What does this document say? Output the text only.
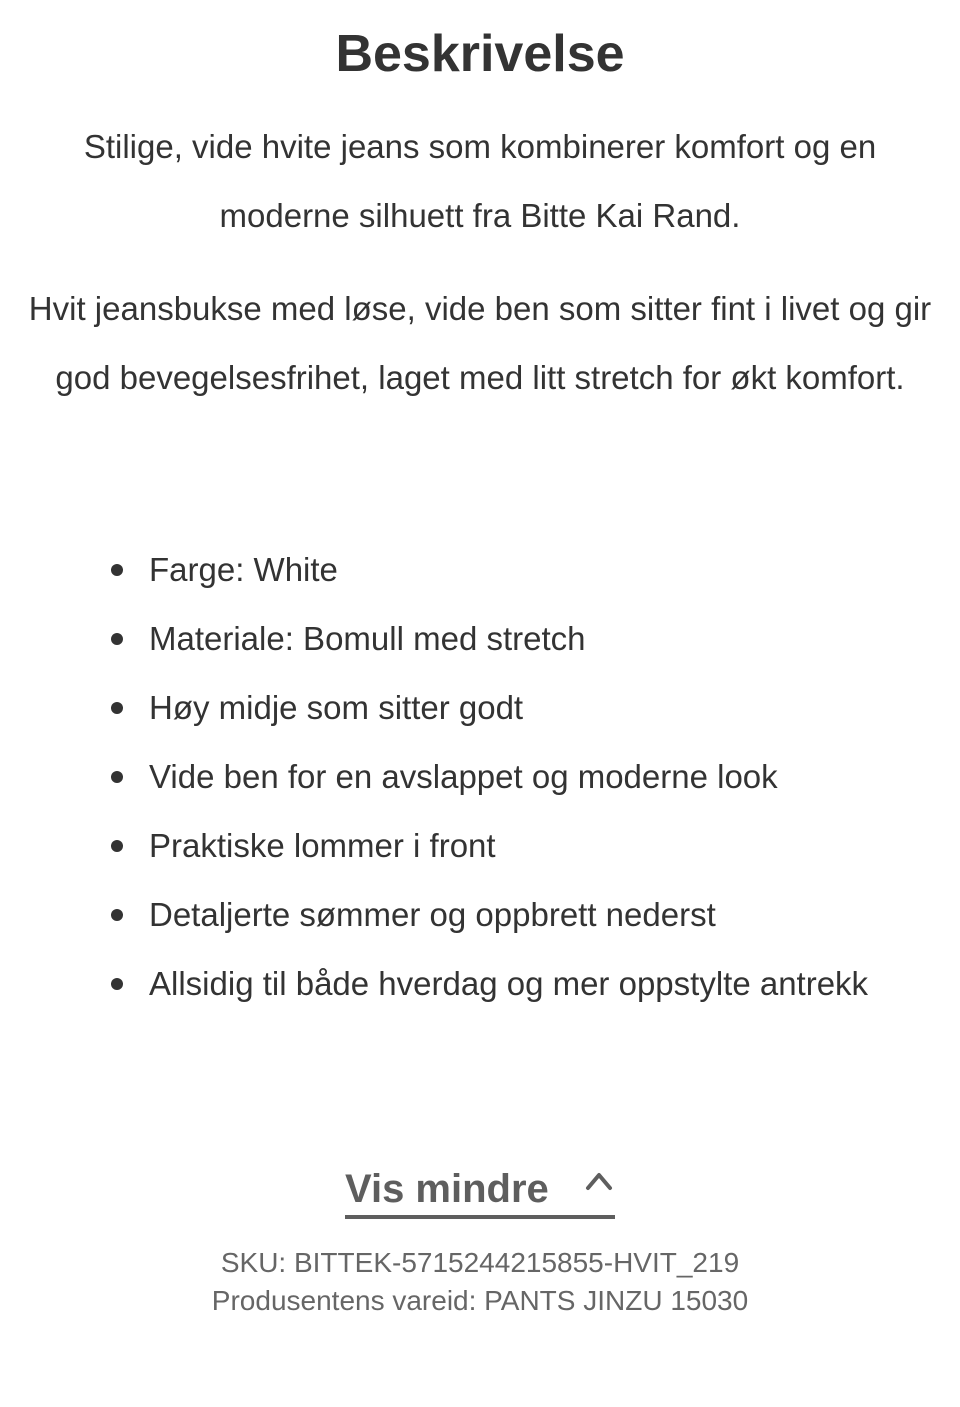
Beskrivelse

Stilige, vide hvite jeans som kombinerer komfort og en moderne silhuett fra Bitte Kai Rand.

Hvit jeansbukse med løse, vide ben som sitter fint i livet og gir god bevegelsesfrihet, laget med litt stretch for økt komfort.

Farge: White
Materiale: Bomull med stretch
Høy midje som sitter godt
Vide ben for en avslappet og moderne look
Praktiske lommer i front
Detaljerte sømmer og oppbrett nederst
Allsidig til både hverdag og mer oppstylte antrekk
Vis mindre

SKU: BITTEK-5715244215855-HVIT_219

Produsentens vareid: PANTS JINZU 15030
